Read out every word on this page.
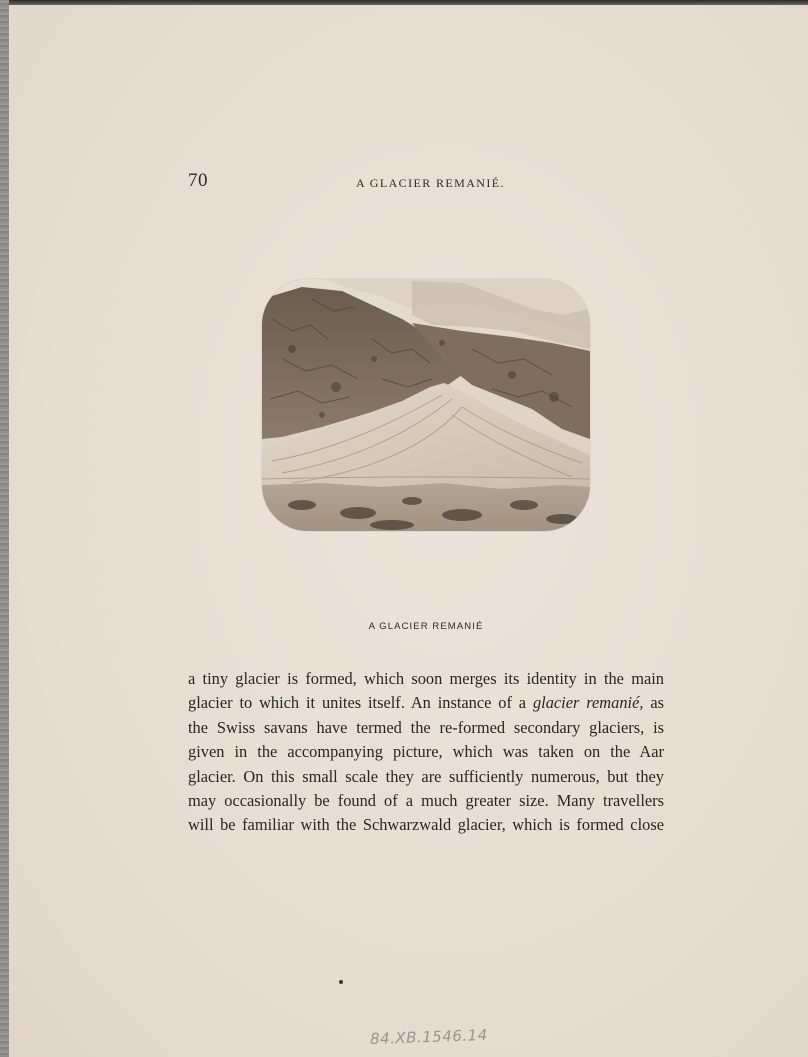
70	A GLACIER REMANIÉ.
A GLACIER REMANIÉ
a tiny glacier is formed, which soon merges its identity in the main
glacier to which it unites itself. An instance of a glacier remanié, as
the Swiss savans have termed the re-formed secondary glaciers, is
given in the accompanying picture, which was taken on the Aar
glacier. On this small scale they are sufficiently numerous, but they
may occasionally be found of a much greater size. Many travellers
will be familiar with the Schwarzwald glacier, which is formed close
84.XB.1546.14
